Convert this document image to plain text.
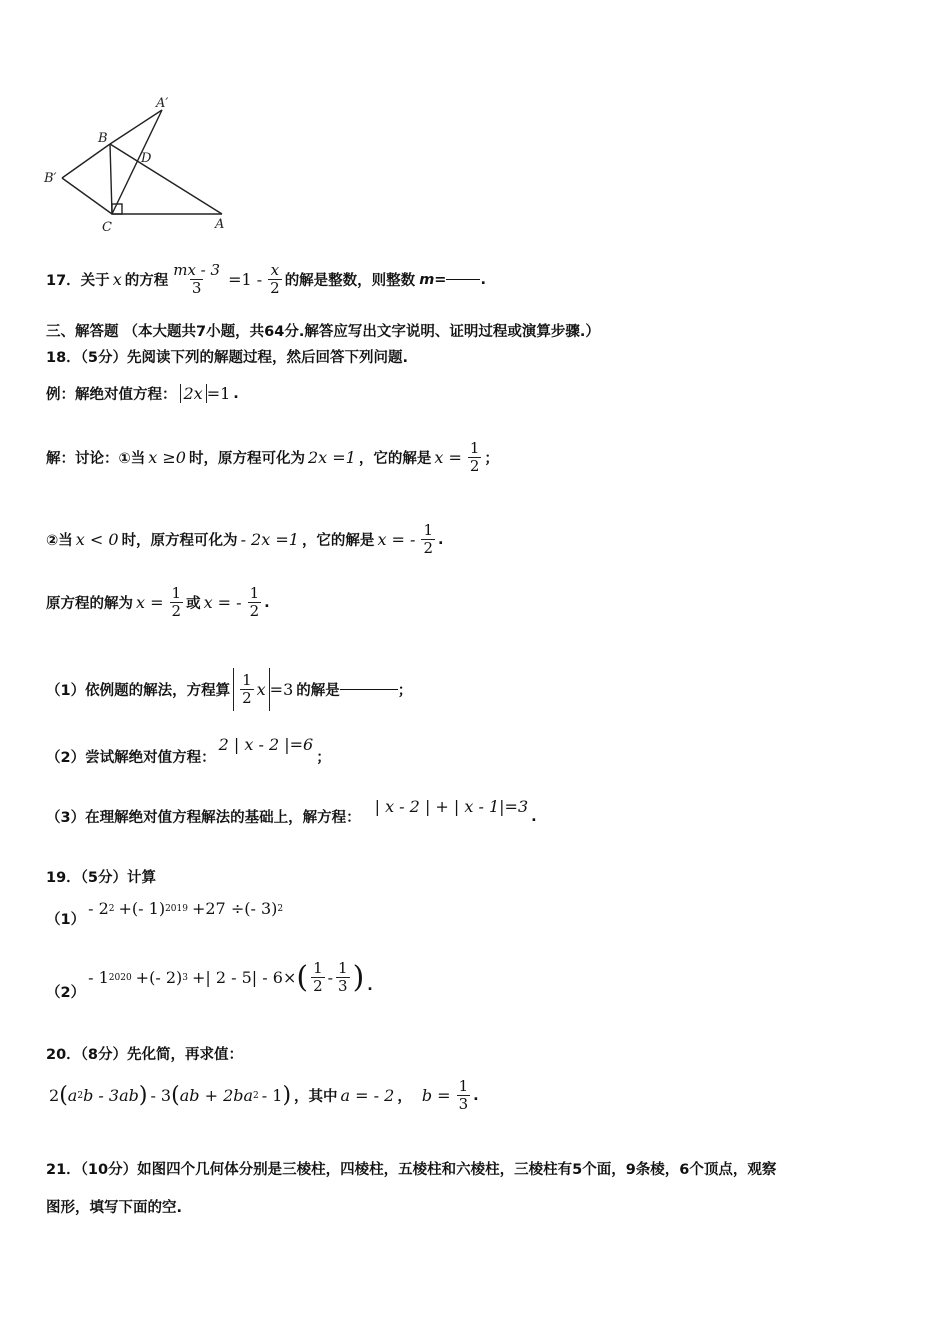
A′
B
D
B′
C	A
17．关于 x 的方程 $\frac{mx - 3}{3} =1 - \frac{x}{2}$ 的解是整数，则整数 m = .
三、解答题 （本大题共7小题，共64分.解答应写出文字说明、证明过程或演算步骤.）
18．（5分）先阅读下列的解题过程，然后回答下列问题.
例：解绝对值方程： 2x =1 .
解：讨论：①当 x ≥0 时，原方程可化为 2x =1 ，它的解是 $x = \frac{1}{2}$ ；
②当 x < 0 时，原方程可化为 - 2x =1 ，它的解是 x = - $\frac{1}{2}$ .
原方程的解为 $x = \frac{1}{2}$ 或 x = - $\frac{1}{2}$ .
（1）依例题的解法，方程算 $\frac{1}{2}$ x =3 的解是	；
（2）尝试解绝对值方程：
2 | x - 2 |=6
；
（3）在理解绝对值方程解法的基础上，解方程：
| x - 2 | + | x - 1|=3
.
19．（5分）计算
（1）
- 2 2 +(- 1) 2019 +27 ÷(- 3) 2
（2）
- 1 2020 +(- 2) 3 +| 2 - 5| - 6× ( $\frac{1}{2} - \frac{1}{3}$ ) .
20．（8分）先化简，再求值：
2 ( a 2 b - 3ab ) - 3 ( ab + 2ba 2 - 1 ) ，其中 a = - 2 ， $b = \frac{1}{3}$ .
21．（10分）如图四个几何体分别是三棱柱，四棱柱，五棱柱和六棱柱，三棱柱有5个面，9条棱，6个顶点，观察
图形，填写下面的空.
